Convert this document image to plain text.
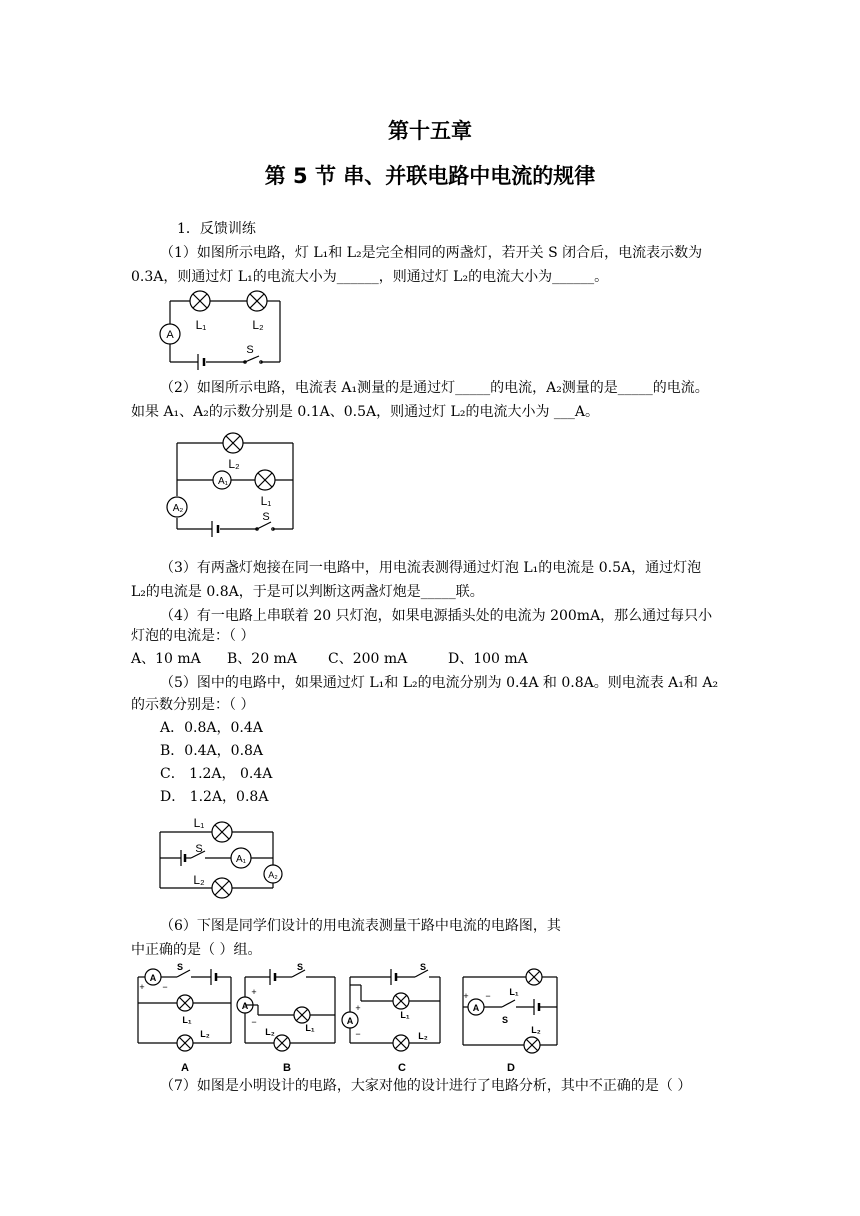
第十五章
第 5 节 串、并联电路中电流的规律
1．反馈训练
（1）如图所示电路，灯 L₁和 L₂是完全相同的两盏灯，若开关 S 闭合后，电流表示数为
0.3A，则通过灯 L₁的电流大小为______，则通过灯 L₂的电流大小为______。
A
L₁	L₂
S
（2）如图所示电路，电流表 A₁测量的是通过灯_____的电流，A₂测量的是_____的电流。
如果 A₁、A₂的示数分别是 0.1A、0.5A，则通过灯 L₂的电流大小为 ___A。
L₂
A₁
L₁
A₂
S
（3）有两盏灯炮接在同一电路中，用电流表测得通过灯泡 L₁的电流是 0.5A，通过灯泡
L₂的电流是 0.8A，于是可以判断这两盏灯炮是_____联。
（4）有一电路上串联着 20 只灯泡，如果电源插头处的电流为 200mA，那么通过每只小
灯泡的电流是：（ ）
A、10 mA B、20 mA C、200 mA	D、100 mA
（5）图中的电路中，如果通过灯 L₁和 L₂的电流分别为 0.4A 和 0.8A。则电流表 A₁和 A₂
的示数分别是：（ ）
A．0.8A，0.4A
B．0.4A，0.8A
C． 1.2A， 0.4A
D． 1.2A，0.8A
L₁
S
A₁
A₂
L₂
（6）下图是同学们设计的用电流表测量干路中电流的电路图，其
中正确的是（ ）组。
A
+ −
S
L₁
L₂
A
A
+
−
S
L₁
L₂
B
A
+
−
S
L₁
L₂
C
L₁
A
+ −
S
L₂
D
（7）如图是小明设计的电路，大家对他的设计进行了电路分析，其中不正确的是（ ）
